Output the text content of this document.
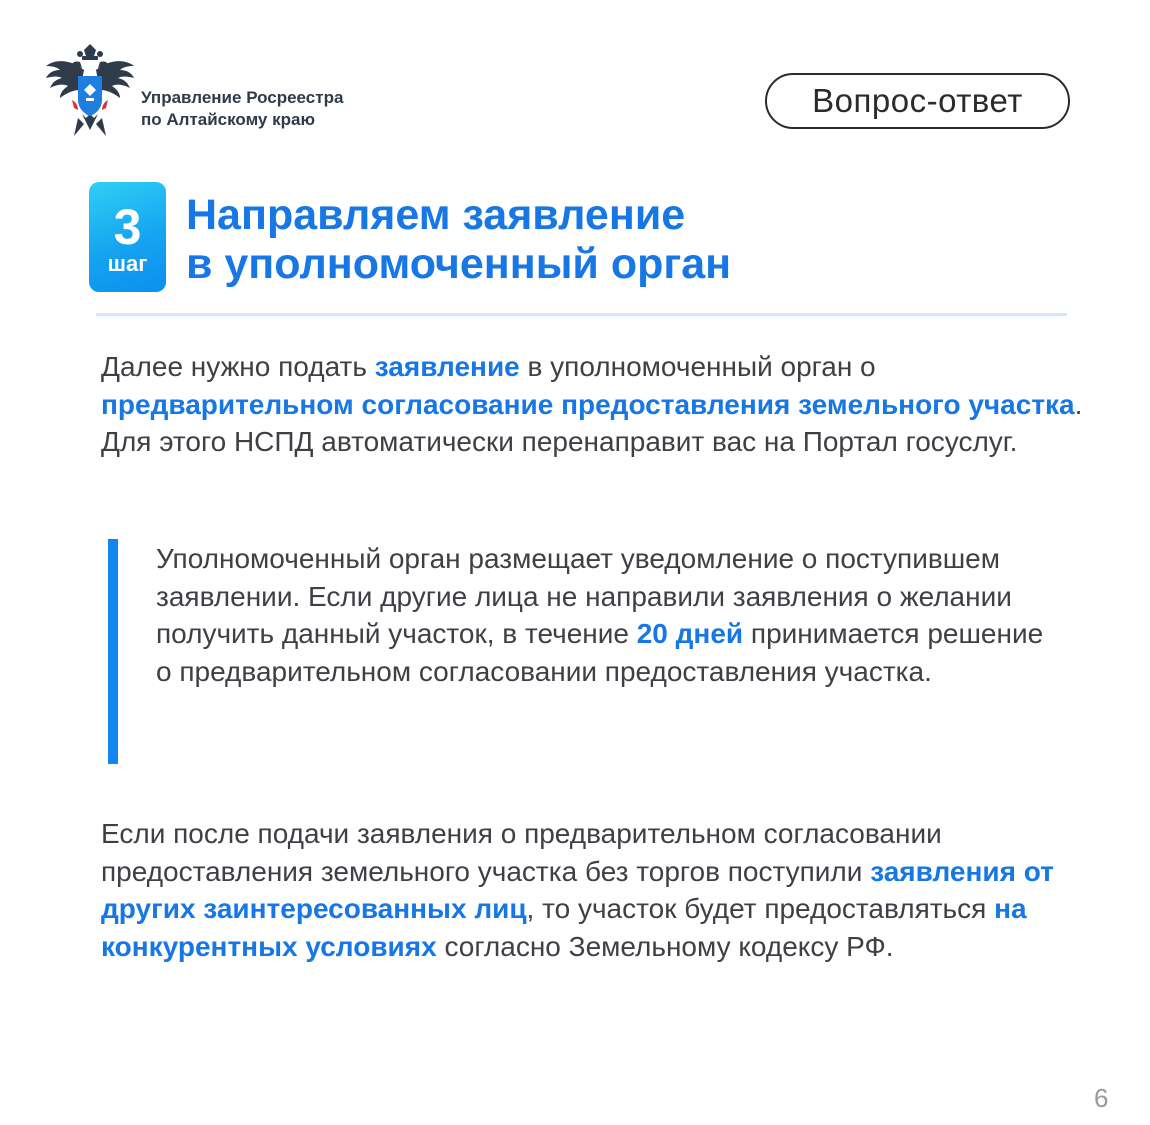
Управление Росреестра
по Алтайскому краю
Вопрос-ответ
3
шаг
Направляем заявление
в уполномоченный орган
Далее нужно подать заявление в уполномоченный орган о предварительном согласование предоставления земельного участка. Для этого НСПД автоматически перенаправит вас на Портал госуслуг.
Уполномоченный орган размещает уведомление о поступившем заявлении. Если другие лица не направили заявления о желании получить данный участок, в течение 20 дней принимается решение о предварительном согласовании предоставления участка.
Если после подачи заявления о предварительном согласовании предоставления земельного участка без торгов поступили заявления от других заинтересованных лиц, то участок будет предоставляться на конкурентных условиях согласно Земельному кодексу РФ.
6
